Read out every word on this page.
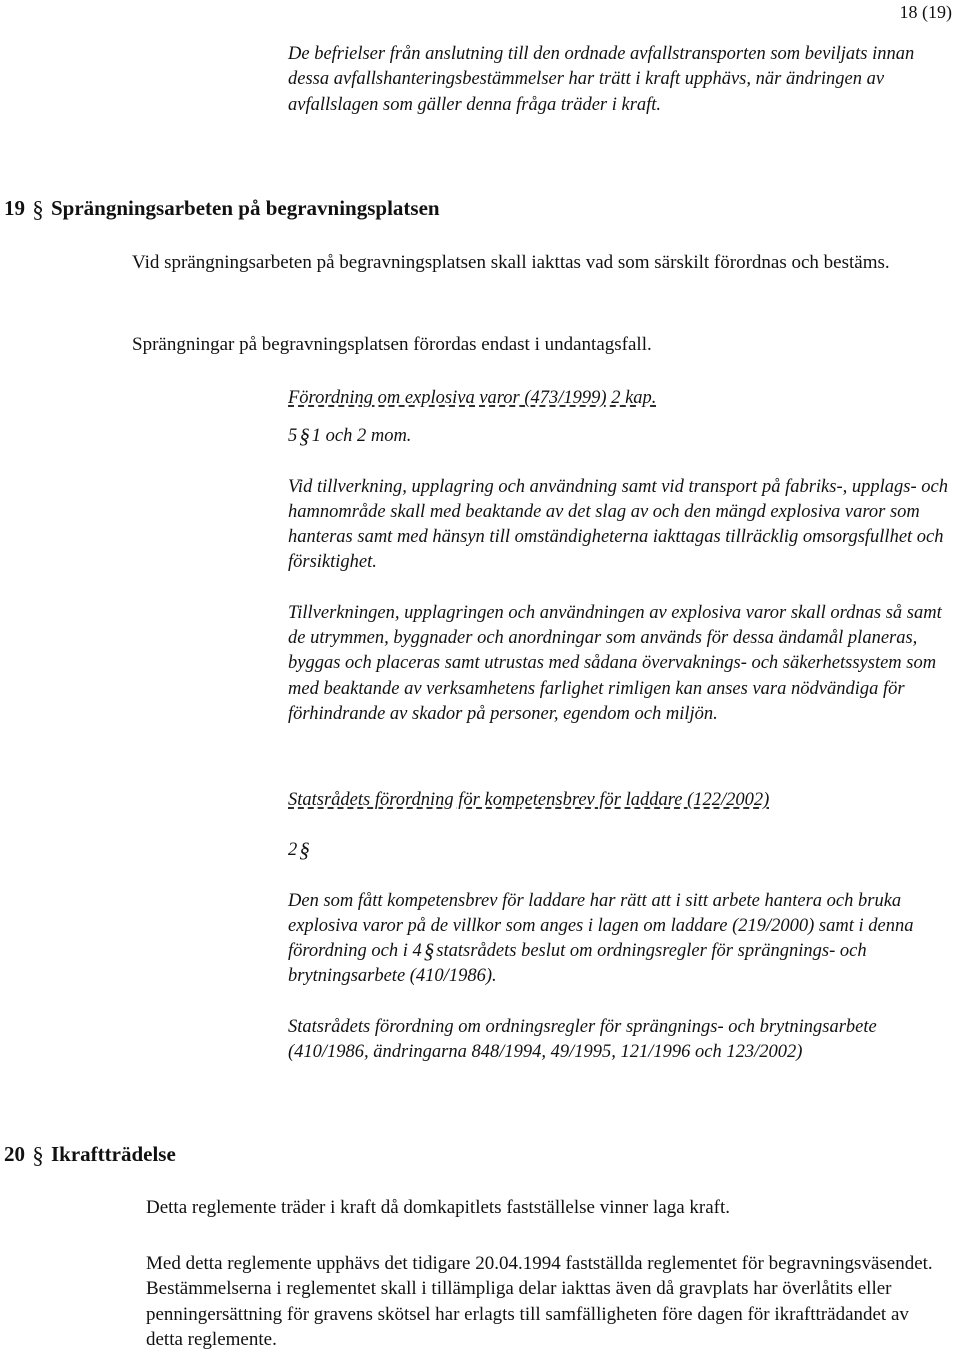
18 (19)
De befrielser från anslutning till den ordnade avfallstransporten som beviljats innan dessa avfallshanteringsbestämmelser har trätt i kraft upphävs, när ändringen av avfallslagen som gäller denna fråga träder i kraft.
19 § Sprängningsarbeten på begravningsplatsen
Vid sprängningsarbeten på begravningsplatsen skall iakttas vad som särskilt förordnas och bestäms.
Sprängningar på begravningsplatsen förordas endast i undantagsfall.
Förordning om explosiva varor (473/1999) 2 kap.
5§ 1 och 2 mom.
Vid tillverkning, upplagring och användning samt vid transport på fabriks-, upplags- och hamnområde skall med beaktande av det slag av och den mängd explosiva varor som hanteras samt med hänsyn till omständigheterna iakttagas tillräcklig omsorgsfullhet och försiktighet.
Tillverkningen, upplagringen och användningen av explosiva varor skall ordnas så samt de utrymmen, byggnader och anordningar som används för dessa ändamål planeras, byggas och placeras samt utrustas med sådana övervaknings- och säkerhetssystem som med beaktande av verksamhetens farlighet rimligen kan anses vara nödvändiga för förhindrande av skador på personer, egendom och miljön.
Statsrådets förordning för kompetensbrev för laddare (122/2002)
2§
Den som fått kompetensbrev för laddare har rätt att i sitt arbete hantera och bruka explosiva varor på de villkor som anges i lagen om laddare (219/2000) samt i denna förordning och i 4§ statsrådets beslut om ordningsregler för sprängnings- och brytningsarbete (410/1986).
Statsrådets förordning om ordningsregler för sprängnings- och brytningsarbete (410/1986, ändringarna 848/1994, 49/1995, 121/1996 och 123/2002)
20 § Ikraftträdelse
Detta reglemente träder i kraft då domkapitlets fastställelse vinner laga kraft.
Med detta reglemente upphävs det tidigare 20.04.1994 fastställda reglementet för begravningsväsendet. Bestämmelserna i reglementet skall i tillämpliga delar iakttas även då gravplats har överlåtits eller penningersättning för gravens skötsel har erlagts till samfälligheten före dagen för ikraftträdandet av detta reglemente.
